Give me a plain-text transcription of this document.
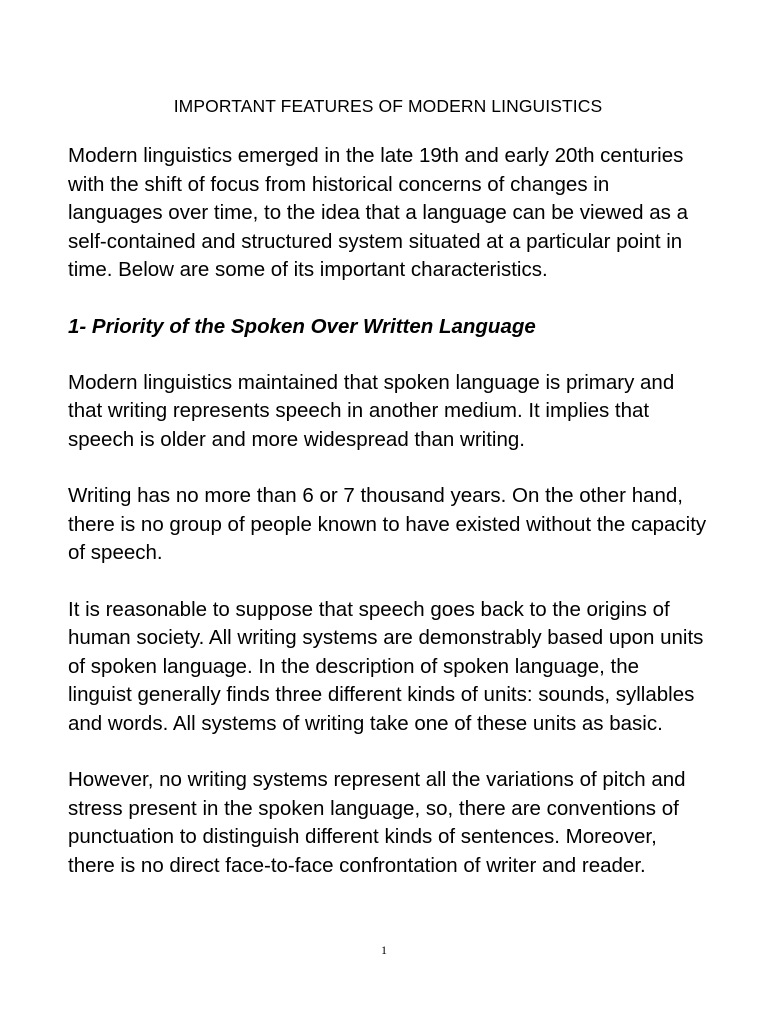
IMPORTANT FEATURES OF MODERN LINGUISTICS

Modern linguistics emerged in the late 19th and early 20th centuries with the shift of focus from historical concerns of changes in languages over time, to the idea that a language can be viewed as a self-contained and structured system situated at a particular point in time. Below are some of its important characteristics.

1- Priority of the Spoken Over Written Language

Modern linguistics maintained that spoken language is primary and that writing represents speech in another medium. It implies that speech is older and more widespread than writing.

Writing has no more than 6 or 7 thousand years. On the other hand, there is no group of people known to have existed without the capacity of speech.

It is reasonable to suppose that speech goes back to the origins of human society. All writing systems are demonstrably based upon units of spoken language. In the description of spoken language, the linguist generally finds three different kinds of units: sounds, syllables and words. All systems of writing take one of these units as basic.

However, no writing systems represent all the variations of pitch and stress present in the spoken language, so, there are conventions of punctuation to distinguish different kinds of sentences. Moreover, there is no direct face-to-face confrontation of writer and reader.

1
